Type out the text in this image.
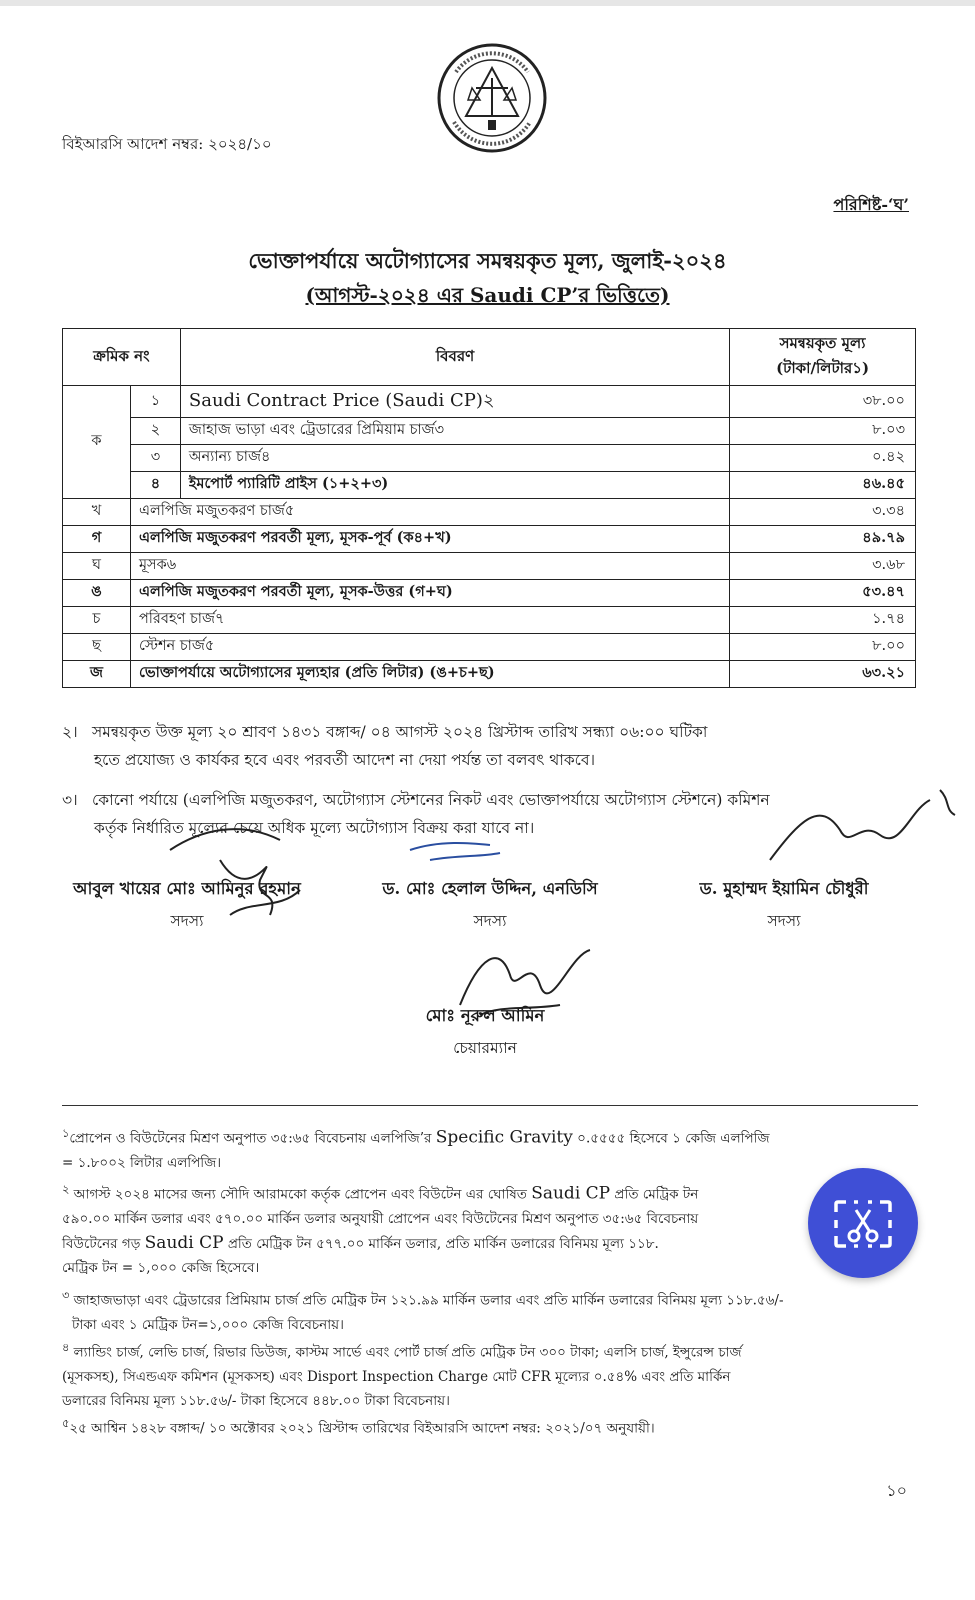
বিইআরসি আদেশ নম্বর: ২০২৪/১০
পরিশিষ্ট-‘ঘ’
ভোক্তাপর্যায়ে অটোগ্যাসের সমন্বয়কৃত মূল্য, জুলাই-২০২৪
(আগস্ট-২০২৪ এর Saudi CP’র ভিত্তিতে)
ক্রমিক নং		বিবরণ	সমন্বয়কৃত মূল্য
(টাকা/লিটার১)

ক	১	Saudi Contract Price (Saudi CP)২	৩৮.০০
	২	জাহাজ ভাড়া এবং ট্রেডারের প্রিমিয়াম চার্জ৩	৮.০৩
	৩	অন্যান্য চার্জ৪	০.৪২
	৪	ইমপোর্ট প্যারিটি প্রাইস (১+২+৩)	৪৬.৪৫
খ	এলপিজি মজুতকরণ চার্জ৫		৩.৩৪
গ	এলপিজি মজুতকরণ পরবর্তী মূল্য, মূসক-পূর্ব (ক৪+খ)		৪৯.৭৯
ঘ	মূসক৬		৩.৬৮
ঙ	এলপিজি মজুতকরণ পরবর্তী মূল্য, মূসক-উত্তর (গ+ঘ)		৫৩.৪৭
চ	পরিবহণ চার্জ৭		১.৭৪
ছ	স্টেশন চার্জ৫		৮.০০
জ	ভোক্তাপর্যায়ে অটোগ্যাসের মূল্যহার (প্রতি লিটার) (ঙ+চ+ছ)		৬৩.২১
২। সমন্বয়কৃত উক্ত মূল্য ২০ শ্রাবণ ১৪৩১ বঙ্গাব্দ/ ০৪ আগস্ট ২০২৪ খ্রিস্টাব্দ তারিখ সন্ধ্যা ০৬:০০ ঘটিকা
হতে প্রযোজ্য ও কার্যকর হবে এবং পরবর্তী আদেশ না দেয়া পর্যন্ত তা বলবৎ থাকবে।
৩। কোনো পর্যায়ে (এলপিজি মজুতকরণ, অটোগ্যাস স্টেশনের নিকট এবং ভোক্তাপর্যায়ে অটোগ্যাস স্টেশনে) কমিশন
কর্তৃক নির্ধারিত মূল্যের চেয়ে অধিক মূল্যে অটোগ্যাস বিক্রয় করা যাবে না।
আবুল খায়ের মোঃ আমিনুর রহমান
সদস্য
ড. মোঃ হেলাল উদ্দিন, এনডিসি
সদস্য
ড. মুহাম্মদ ইয়ামিন চৌধুরী
সদস্য
মোঃ নূরুল আমিন
চেয়ারম্যান
$^১$প্রোপেন ও বিউটেনের মিশ্রণ অনুপাত ৩৫:৬৫ বিবেচনায় এলপিজি’র Specific Gravity ০.৫৫৫৫ হিসেবে ১ কেজি এলপিজি
= ১.৮০০২ লিটার এলপিজি।
$^২$ আগস্ট ২০২৪ মাসের জন্য সৌদি আরামকো কর্তৃক প্রোপেন এবং বিউটেন এর ঘোষিত Saudi CP প্রতি মেট্রিক টন
৫৯০.০০ মার্কিন ডলার এবং ৫৭০.০০ মার্কিন ডলার অনুযায়ী প্রোপেন এবং বিউটেনের মিশ্রণ অনুপাত ৩৫:৬৫ বিবেচনায়
বিউটেনের গড় Saudi CP প্রতি মেট্রিক টন ৫৭৭.০০ মার্কিন ডলার, প্রতি মার্কিন ডলারের বিনিময় মূল্য ১১৮.
মেট্রিক টন = ১,০০০ কেজি হিসেবে।
$^৩$ জাহাজভাড়া এবং ট্রেডারের প্রিমিয়াম চার্জ প্রতি মেট্রিক টন ১২১.৯৯ মার্কিন ডলার এবং প্রতি মার্কিন ডলারের বিনিময় মূল্য ১১৮.৫৬/-
টাকা এবং ১ মেট্রিক টন=১,০০০ কেজি বিবেচনায়।
$^৪$ ল্যান্ডিং চার্জ, লেভি চার্জ, রিভার ডিউজ, কাস্টম সার্ভে এবং পোর্ট চার্জ প্রতি মেট্রিক টন ৩০০ টাকা; এলসি চার্জ, ইন্সুরেন্স চার্জ
(মূসকসহ), সিএন্ডএফ কমিশন (মূসকসহ) এবং Disport Inspection Charge মোট CFR মূল্যের ০.৫৪% এবং প্রতি মার্কিন
ডলারের বিনিময় মূল্য ১১৮.৫৬/- টাকা হিসেবে ৪৪৮.০০ টাকা বিবেচনায়।
$^৫$২৫ আশ্বিন ১৪২৮ বঙ্গাব্দ/ ১০ অক্টোবর ২০২১ খ্রিস্টাব্দ তারিখের বিইআরসি আদেশ নম্বর: ২০২১/০৭ অনুযায়ী।
১০
